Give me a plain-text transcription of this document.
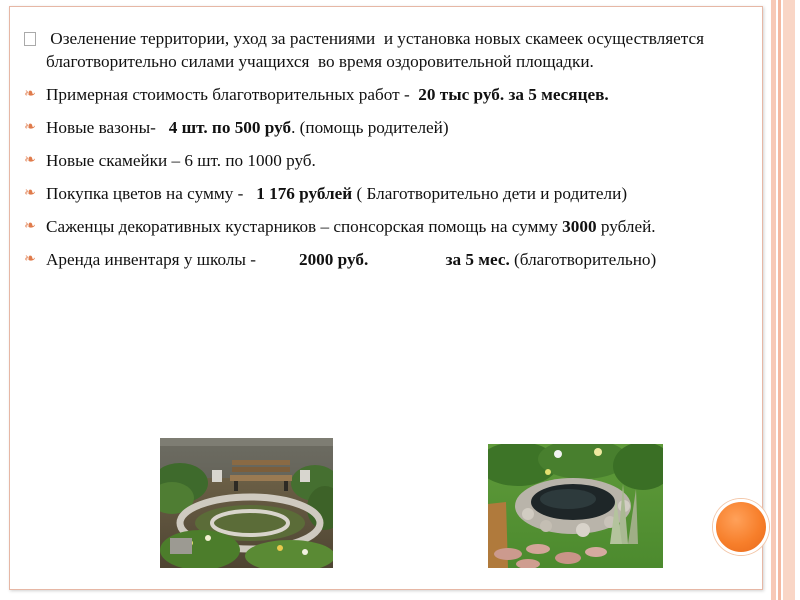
Озеленение территории, уход за растениями  и установка новых скамеек осуществляется благотворительно силами учащихся  во время оздоровительной площадки.
❧ Примерная стоимость благотворительных работ -  20 тыс руб. за 5 месяцев.
❧ Новые вазоны-   4 шт. по 500 руб. (помощь родителей)
❧ Новые скамейки – 6 шт. по 1000 руб.
❧ Покупка цветов на сумму -   1 176 рублей ( Благотворительно дети и родители)
❧ Саженцы декоративных кустарников – спонсорская помощь на сумму 3000 рублей.
❧ Аренда инвентаря у школы -          2000 руб.                  за 5 мес. (благотворительно)
